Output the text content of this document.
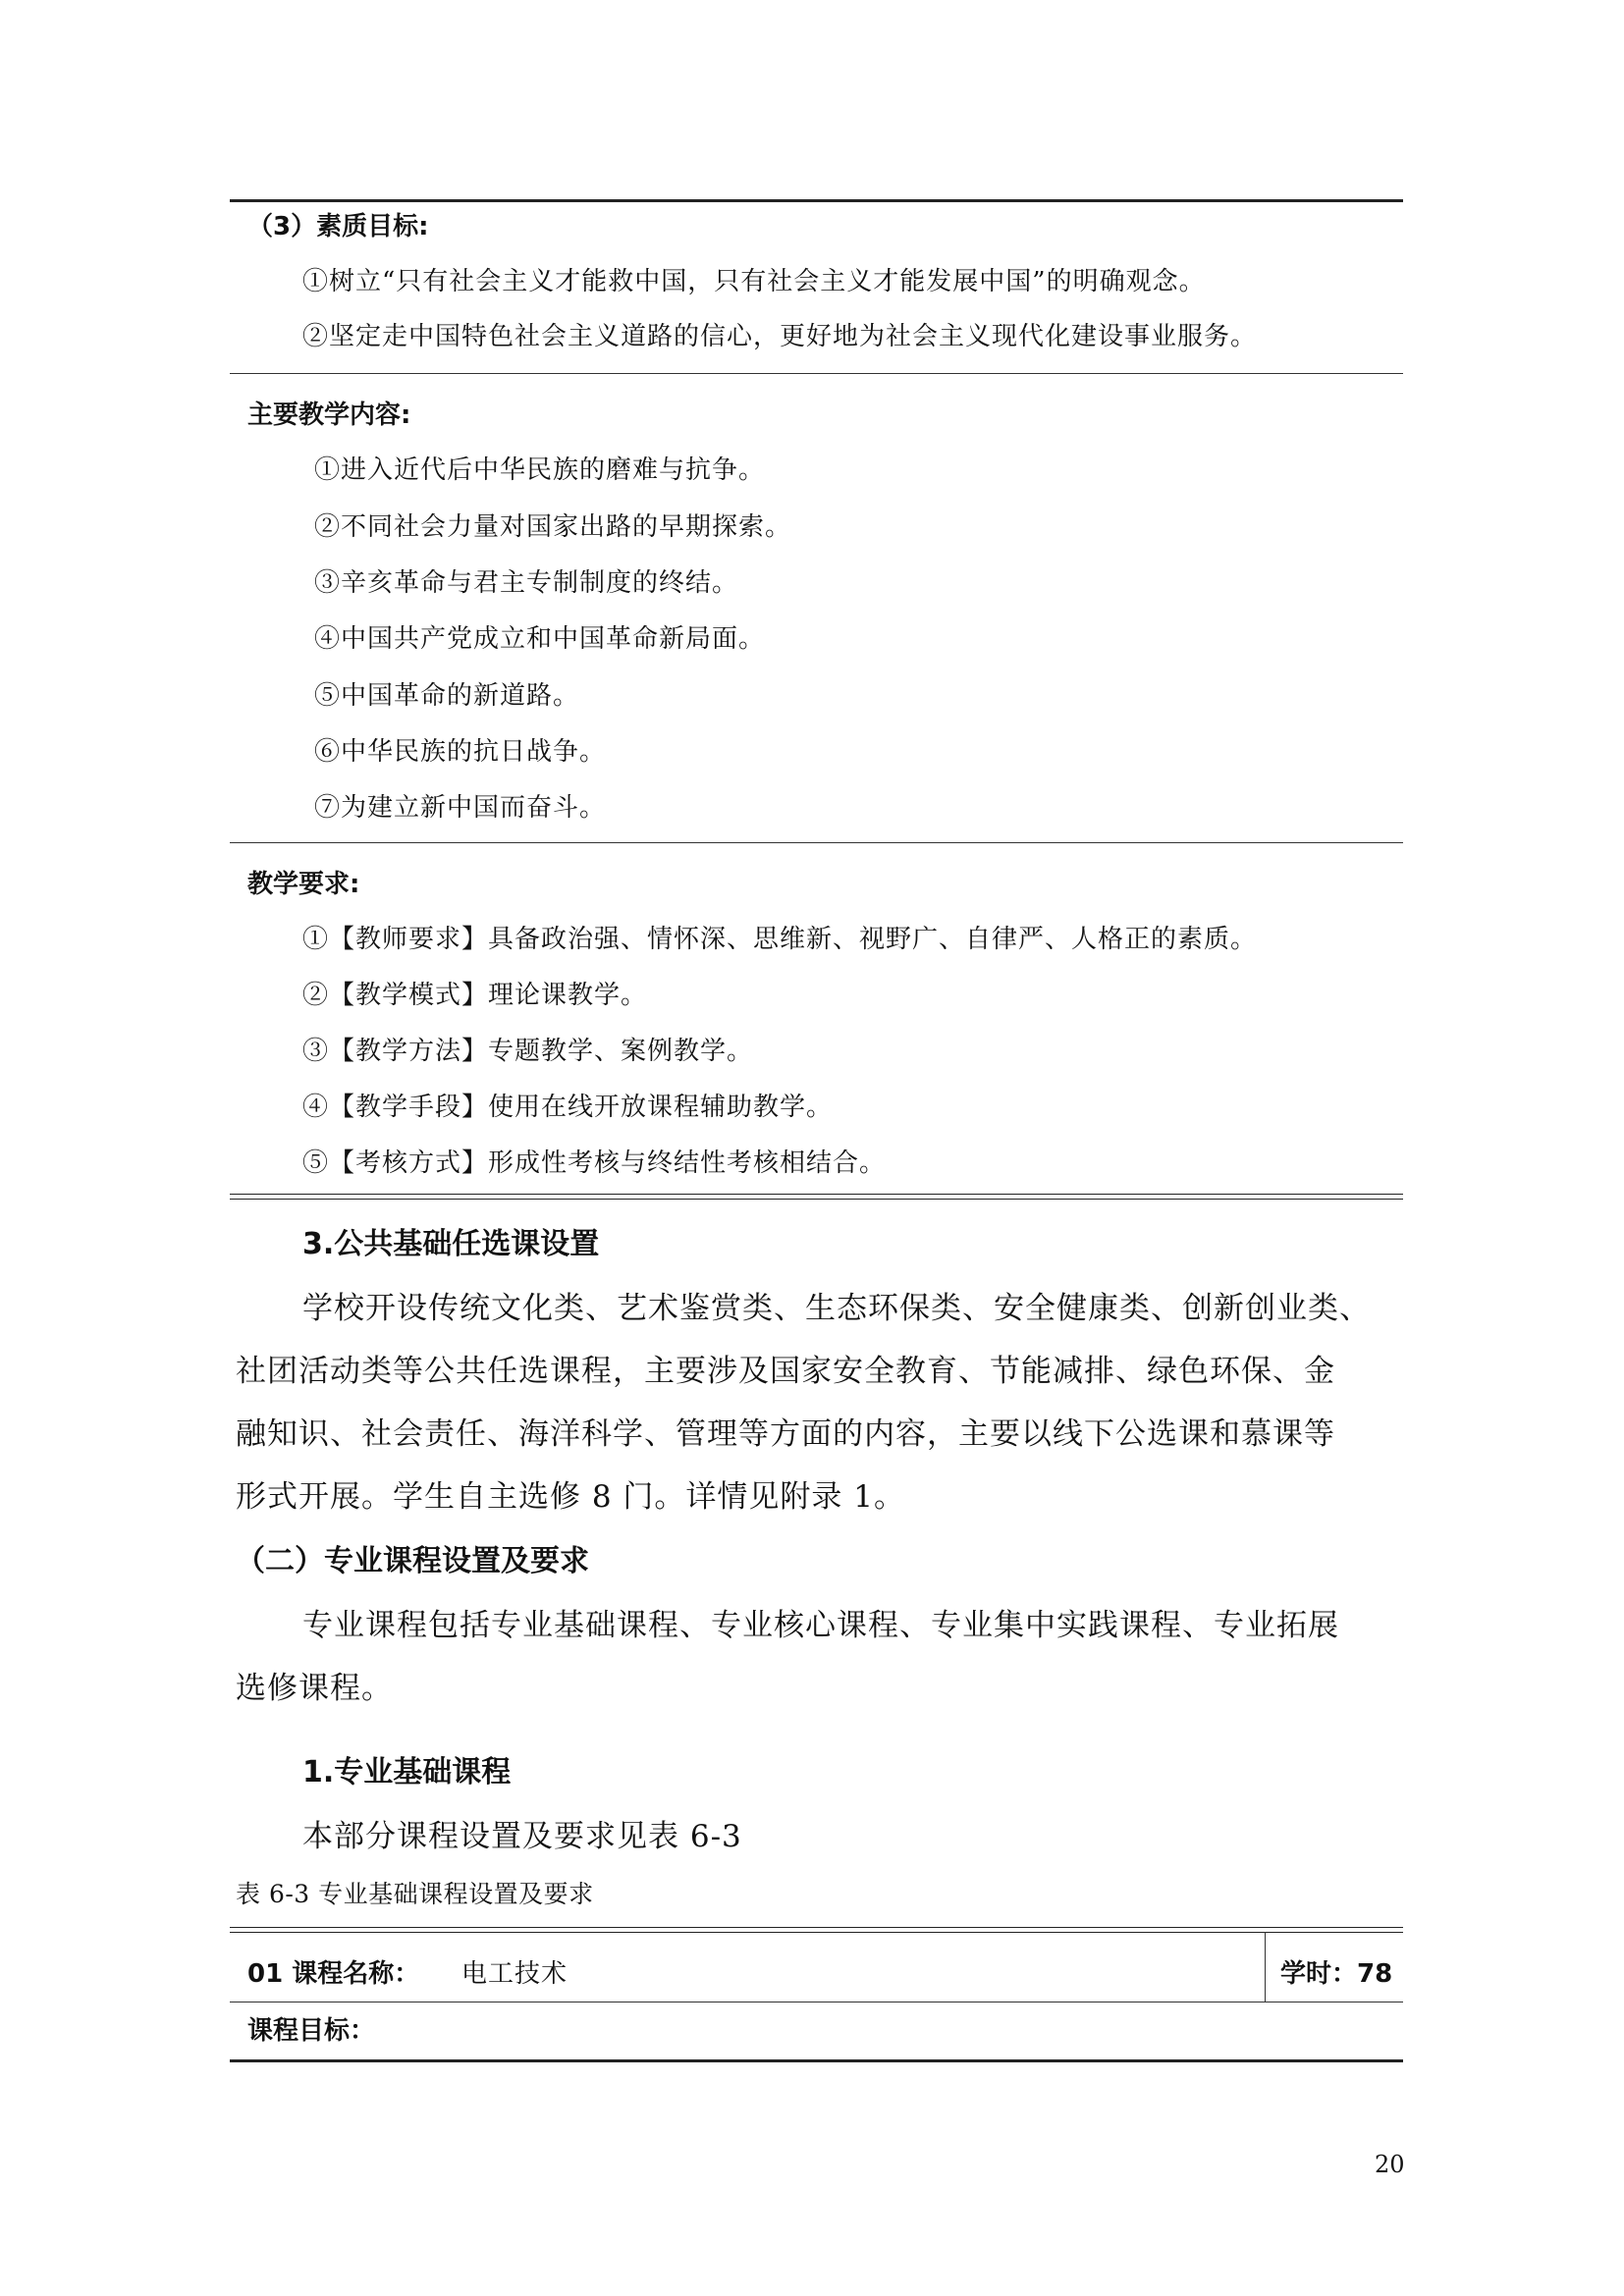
（3）素质目标:
①树立“只有社会主义才能救中国，只有社会主义才能发展中国”的明确观念。
②坚定走中国特色社会主义道路的信心，更好地为社会主义现代化建设事业服务。
主要教学内容:
①进入近代后中华民族的磨难与抗争。
②不同社会力量对国家出路的早期探索。
③辛亥革命与君主专制制度的终结。
④中国共产党成立和中国革命新局面。
⑤中国革命的新道路。
⑥中华民族的抗日战争。
⑦为建立新中国而奋斗。
教学要求:
①【教师要求】具备政治强、情怀深、思维新、视野广、自律严、人格正的素质。
②【教学模式】理论课教学。
③【教学方法】专题教学、案例教学。
④【教学手段】使用在线开放课程辅助教学。
⑤【考核方式】形成性考核与终结性考核相结合。
3.公共基础任选课设置
学校开设传统文化类、艺术鉴赏类、生态环保类、安全健康类、创新创业类、
社团活动类等公共任选课程，主要涉及国家安全教育、节能减排、绿色环保、金
融知识、社会责任、海洋科学、管理等方面的内容，主要以线下公选课和慕课等
形式开展。学生自主选修 8 门。详情见附录 1。
（二）专业课程设置及要求
专业课程包括专业基础课程、专业核心课程、专业集中实践课程、专业拓展
选修课程。
1.专业基础课程
本部分课程设置及要求见表 6-3
表 6-3 专业基础课程设置及要求
01 课程名称： 电工技术	学时：78
课程目标：
20
